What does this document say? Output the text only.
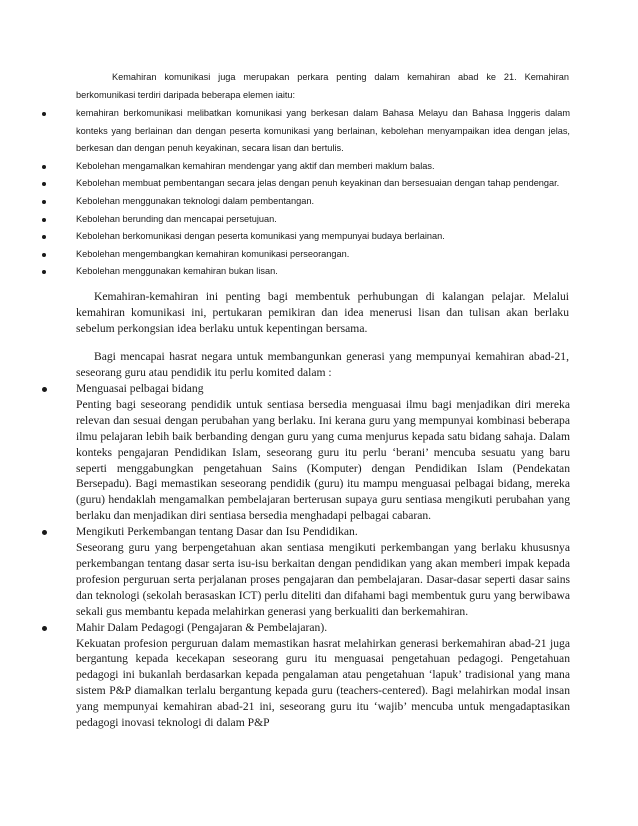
Kemahiran komunikasi juga merupakan perkara penting dalam kemahiran abad ke 21. Kemahiran berkomunikasi terdiri daripada beberapa elemen iaitu:

kemahiran berkomunikasi melibatkan komunikasi yang berkesan dalam Bahasa Melayu dan Bahasa Inggeris dalam konteks yang berlainan dan dengan peserta komunikasi yang berlainan, kebolehan menyampaikan idea dengan jelas, berkesan dan dengan penuh keyakinan, secara lisan dan bertulis.
Kebolehan mengamalkan kemahiran mendengar yang aktif dan memberi maklum balas.
Kebolehan membuat pembentangan secara jelas dengan penuh keyakinan dan bersesuaian dengan tahap pendengar.
Kebolehan menggunakan teknologi dalam pembentangan.
Kebolehan berunding dan mencapai persetujuan.
Kebolehan berkomunikasi dengan peserta komunikasi yang mempunyai budaya berlainan.
Kebolehan mengembangkan kemahiran komunikasi perseorangan.
Kebolehan menggunakan kemahiran bukan lisan.

Kemahiran-kemahiran ini penting bagi membentuk perhubungan di kalangan pelajar. Melalui kemahiran komunikasi ini, pertukaran pemikiran dan idea menerusi lisan dan tulisan akan berlaku sebelum perkongsian idea berlaku untuk kepentingan bersama.

Bagi mencapai hasrat negara untuk membangunkan generasi yang mempunyai kemahiran abad-21, seseorang guru atau pendidik itu perlu komited dalam :

Menguasai pelbagai bidang

Penting bagi seseorang pendidik untuk sentiasa bersedia menguasai ilmu bagi menjadikan diri mereka relevan dan sesuai dengan perubahan yang berlaku. Ini kerana guru yang mempunyai kombinasi beberapa ilmu pelajaran lebih baik berbanding dengan guru yang cuma menjurus kepada satu bidang sahaja. Dalam konteks pengajaran Pendidikan Islam, seseorang guru itu perlu ‘berani’ mencuba sesuatu yang baru seperti menggabungkan pengetahuan Sains (Komputer) dengan Pendidikan Islam (Pendekatan Bersepadu). Bagi memastikan seseorang pendidik (guru) itu mampu menguasai pelbagai bidang, mereka (guru) hendaklah mengamalkan pembelajaran berterusan supaya guru sentiasa mengikuti perubahan yang berlaku dan menjadikan diri sentiasa bersedia menghadapi pelbagai cabaran.

Mengikuti Perkembangan tentang Dasar dan Isu Pendidikan.

Seseorang guru yang berpengetahuan akan sentiasa mengikuti perkembangan yang berlaku khususnya perkembangan tentang dasar serta isu-isu berkaitan dengan pendidikan yang akan memberi impak kepada profesion perguruan serta perjalanan proses pengajaran dan pembelajaran. Dasar-dasar seperti dasar sains dan teknologi (sekolah berasaskan ICT) perlu diteliti dan difahami bagi membentuk guru yang berwibawa sekali gus membantu kepada melahirkan generasi yang berkualiti dan berkemahiran.

Mahir Dalam Pedagogi (Pengajaran & Pembelajaran).

Kekuatan profesion perguruan dalam memastikan hasrat melahirkan generasi berkemahiran abad-21 juga bergantung kepada kecekapan seseorang guru itu menguasai pengetahuan pedagogi. Pengetahuan pedagogi ini bukanlah berdasarkan kepada pengalaman atau pengetahuan ‘lapuk’ tradisional yang mana sistem P&P diamalkan terlalu bergantung kepada guru (teachers-centered). Bagi melahirkan modal insan yang mempunyai kemahiran abad-21 ini, seseorang guru itu ‘wajib’ mencuba untuk mengadaptasikan pedagogi inovasi teknologi di dalam P&P
